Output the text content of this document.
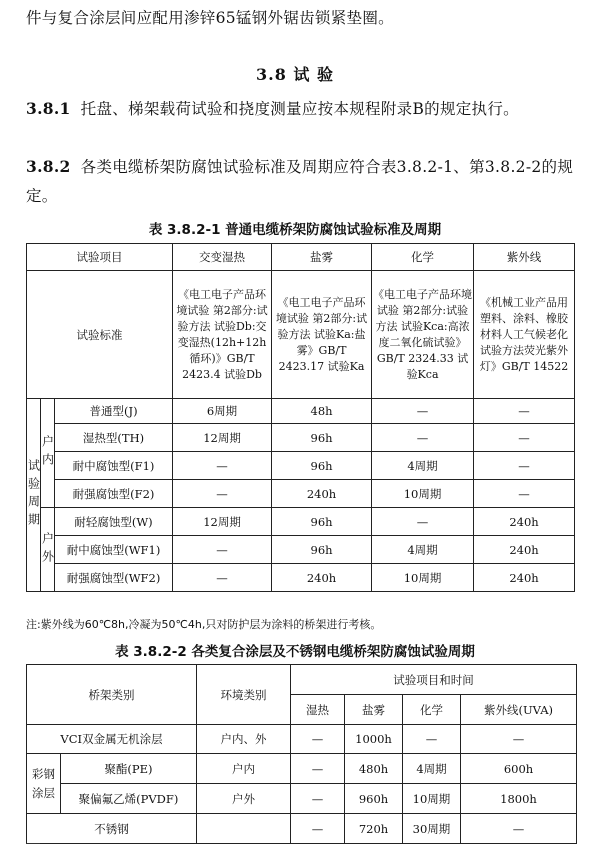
件与复合涂层间应配用渗锌65锰钢外锯齿锁紧垫圈。
3.8 试 验
3.8.1 托盘、梯架载荷试验和挠度测量应按本规程附录B的规定执行。
3.8.2 各类电缆桥架防腐蚀试验标准及周期应符合表3.8.2-1、第3.8.2-2的规定。
表 3.8.2-1 普通电缆桥架防腐蚀试验标准及周期
试验项目			交变湿热	盐雾	化学	紫外线
试验标准			《电工电子产品环境试验 第2部分:试验方法 试验Db:交变湿热(12h+12h循环)》GB/T 2423.4 试验Db	《电工电子产品环境试验 第2部分:试验方法 试验Ka:盐雾》GB/T 2423.17 试验Ka	《电工电子产品环境试验 第2部分:试验方法 试验Kca:高浓度二氧化硫试验》GB/T 2324.33 试验Kca	《机械工业产品用塑料、涂料、橡胶材料人工气候老化试验方法荧光紫外灯》GB/T 14522
试验周期	户内	普通型(J)	6周期	48h	—	—
		湿热型(TH)	12周期	96h	—	—
		耐中腐蚀型(F1)	—	96h	4周期	—
		耐强腐蚀型(F2)	—	240h	10周期	—
	户外	耐轻腐蚀型(W)	12周期	96h	—	240h
		耐中腐蚀型(WF1)	—	96h	4周期	240h
		耐强腐蚀型(WF2)	—	240h	10周期	240h
注:紫外线为60℃8h,冷凝为50℃4h,只对防护层为涂料的桥架进行考核。
表 3.8.2-2 各类复合涂层及不锈钢电缆桥架防腐蚀试验周期
桥架类别		环境类别	试验项目和时间			
			湿热	盐雾	化学	紫外线(UVA)
VCI双金属无机涂层		户内、外	—	1000h	—	—
彩钢涂层	聚酯(PE)	户内	—	480h	4周期	600h
	聚偏氟乙烯(PVDF)	户外	—	960h	10周期	1800h
不锈钢			—	720h	30周期	—
